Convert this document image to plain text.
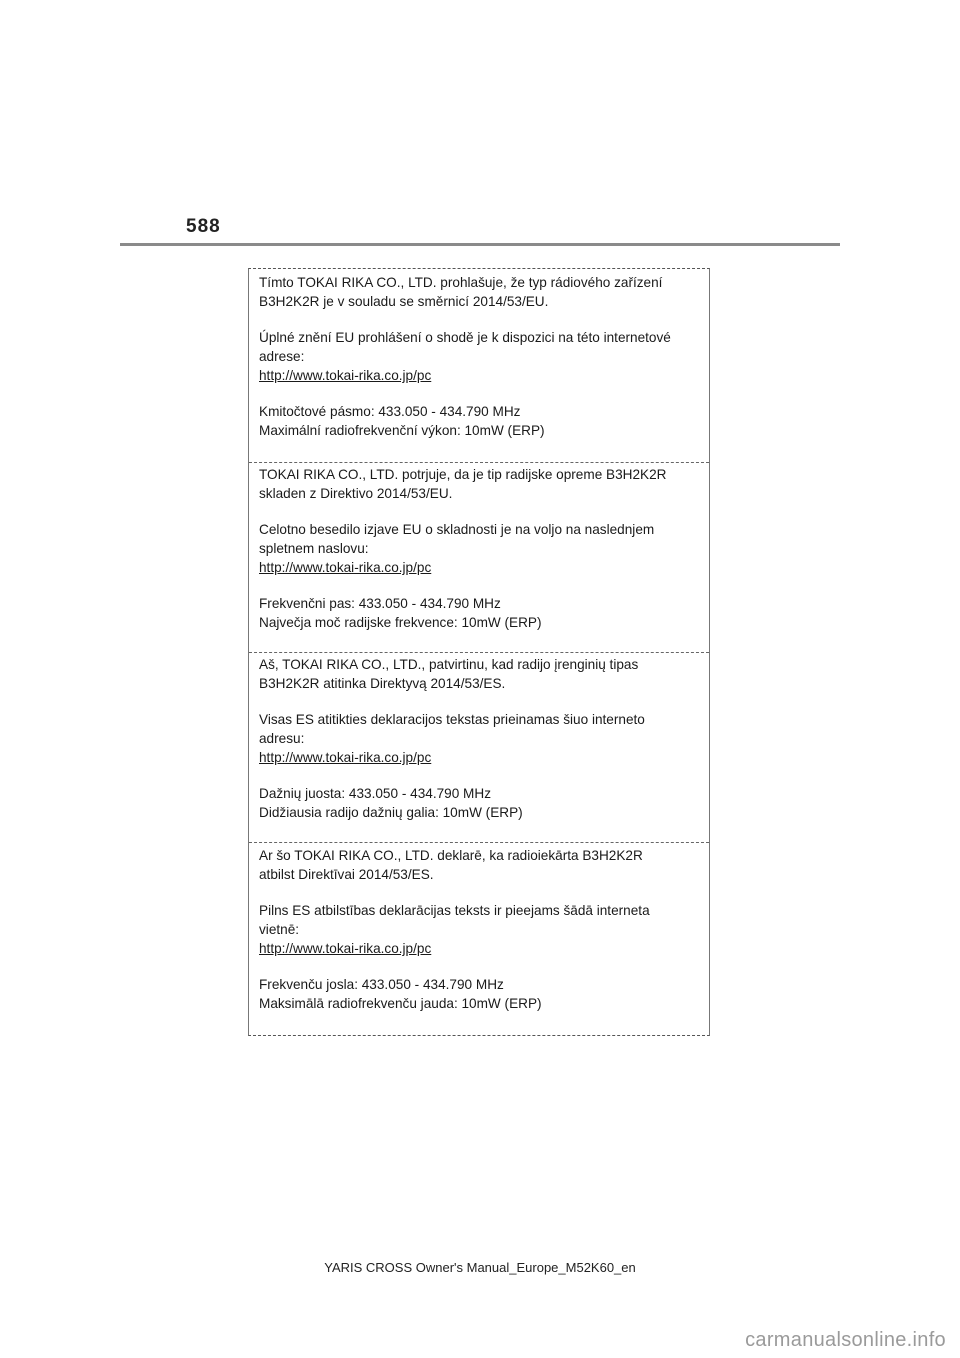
588

Tímto TOKAI RIKA CO., LTD. prohlašuje, že typ rádiového zařízení

B3H2K2R je v souladu se směrnicí 2014/53/EU.

Úplné znění EU prohlášení o shodě je k dispozici na této internetové

adrese:

http://www.tokai-rika.co.jp/pc

Kmitočtové pásmo: 433.050 - 434.790 MHz

Maximální radiofrekvenční výkon: 10mW (ERP)

TOKAI RIKA CO., LTD. potrjuje, da je tip radijske opreme B3H2K2R

skladen z Direktivo 2014/53/EU.

Celotno besedilo izjave EU o skladnosti je na voljo na naslednjem

spletnem naslovu:

http://www.tokai-rika.co.jp/pc

Frekvenčni pas: 433.050 - 434.790 MHz

Največja moč radijske frekvence: 10mW (ERP)

Aš, TOKAI RIKA CO., LTD., patvirtinu, kad radijo įrenginių tipas

B3H2K2R atitinka Direktyvą 2014/53/ES.

Visas ES atitikties deklaracijos tekstas prieinamas šiuo interneto

adresu:

http://www.tokai-rika.co.jp/pc

Dažnių juosta: 433.050 - 434.790 MHz

Didžiausia radijo dažnių galia: 10mW (ERP)

Ar šo TOKAI RIKA CO., LTD. deklarē, ka radioiekārta B3H2K2R

atbilst Direktīvai 2014/53/ES.

Pilns ES atbilstības deklarācijas teksts ir pieejams šādā interneta

vietnē:

http://www.tokai-rika.co.jp/pc

Frekvenču josla: 433.050 - 434.790 MHz

Maksimālā radiofrekvenču jauda: 10mW (ERP)

YARIS CROSS Owner's Manual_Europe_M52K60_en
carmanualsonline.info
